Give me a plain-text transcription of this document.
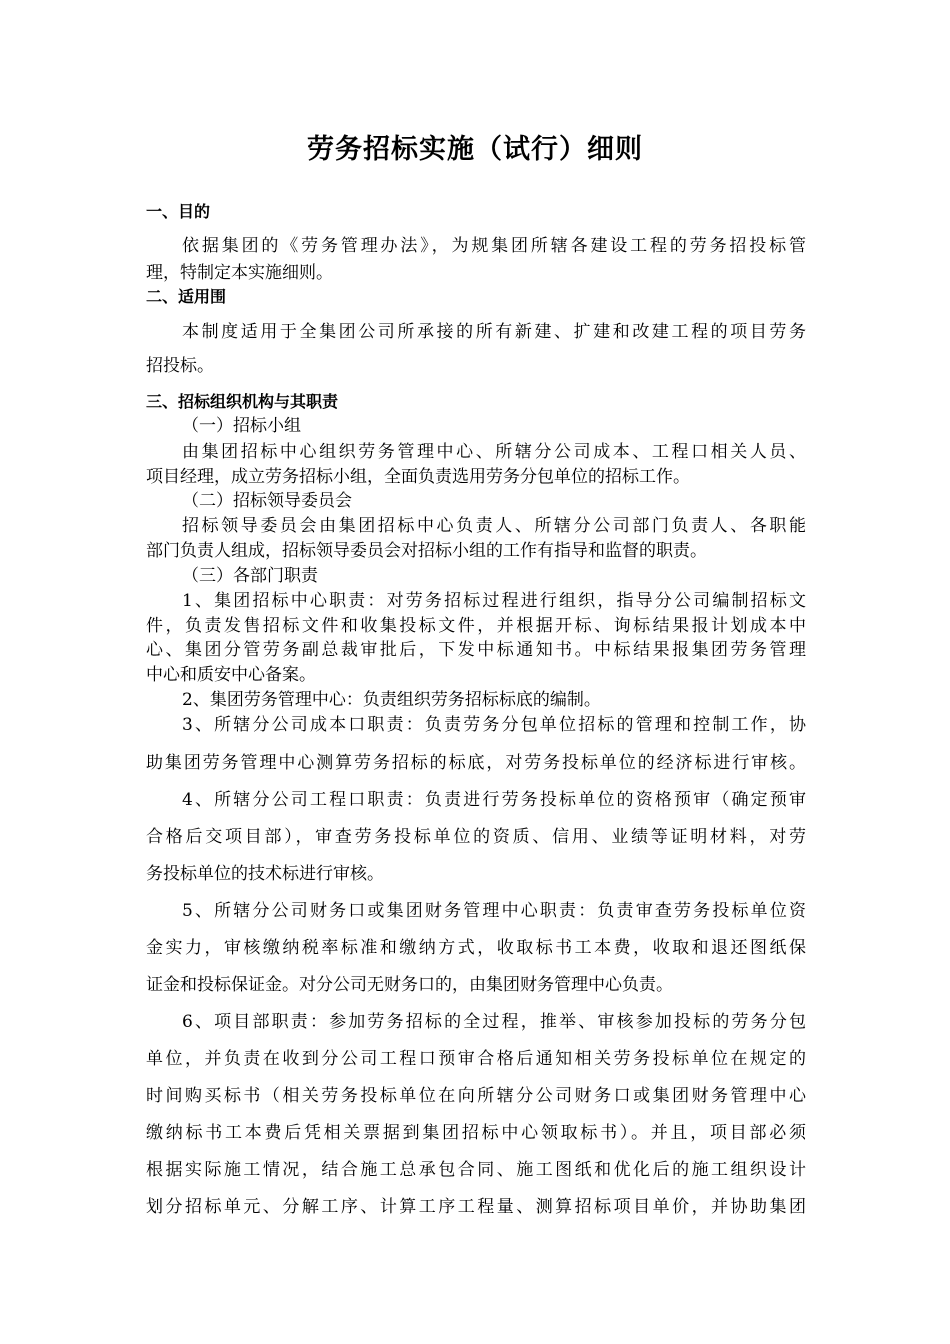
劳务招标实施（试行）细则
一、目的
依据集团的《劳务管理办法》，为规集团所辖各建设工程的劳务招投标管
理，特制定本实施细则。
二、适用围
本制度适用于全集团公司所承接的所有新建、扩建和改建工程的项目劳务
招投标。
三、招标组织机构与其职责
（一）招标小组
由集团招标中心组织劳务管理中心、所辖分公司成本、工程口相关人员、
项目经理，成立劳务招标小组，全面负责选用劳务分包单位的招标工作。
（二）招标领导委员会
招标领导委员会由集团招标中心负责人、所辖分公司部门负责人、各职能
部门负责人组成，招标领导委员会对招标小组的工作有指导和监督的职责。
（三）各部门职责
1、集团招标中心职责：对劳务招标过程进行组织，指导分公司编制招标文
件，负责发售招标文件和收集投标文件，并根据开标、询标结果报计划成本中
心、集团分管劳务副总裁审批后，下发中标通知书。中标结果报集团劳务管理
中心和质安中心备案。
2、集团劳务管理中心：负责组织劳务招标标底的编制。
3、所辖分公司成本口职责：负责劳务分包单位招标的管理和控制工作，协
助集团劳务管理中心测算劳务招标的标底，对劳务投标单位的经济标进行审核。
4、所辖分公司工程口职责：负责进行劳务投标单位的资格预审（确定预审
合格后交项目部），审查劳务投标单位的资质、信用、业绩等证明材料，对劳
务投标单位的技术标进行审核。
5、所辖分公司财务口或集团财务管理中心职责：负责审查劳务投标单位资
金实力，审核缴纳税率标准和缴纳方式，收取标书工本费，收取和退还图纸保
证金和投标保证金。对分公司无财务口的，由集团财务管理中心负责。
6、项目部职责：参加劳务招标的全过程，推举、审核参加投标的劳务分包
单位，并负责在收到分公司工程口预审合格后通知相关劳务投标单位在规定的
时间购买标书（相关劳务投标单位在向所辖分公司财务口或集团财务管理中心
缴纳标书工本费后凭相关票据到集团招标中心领取标书）。并且，项目部必须
根据实际施工情况，结合施工总承包合同、施工图纸和优化后的施工组织设计
划分招标单元、分解工序、计算工序工程量、测算招标项目单价，并协助集团
